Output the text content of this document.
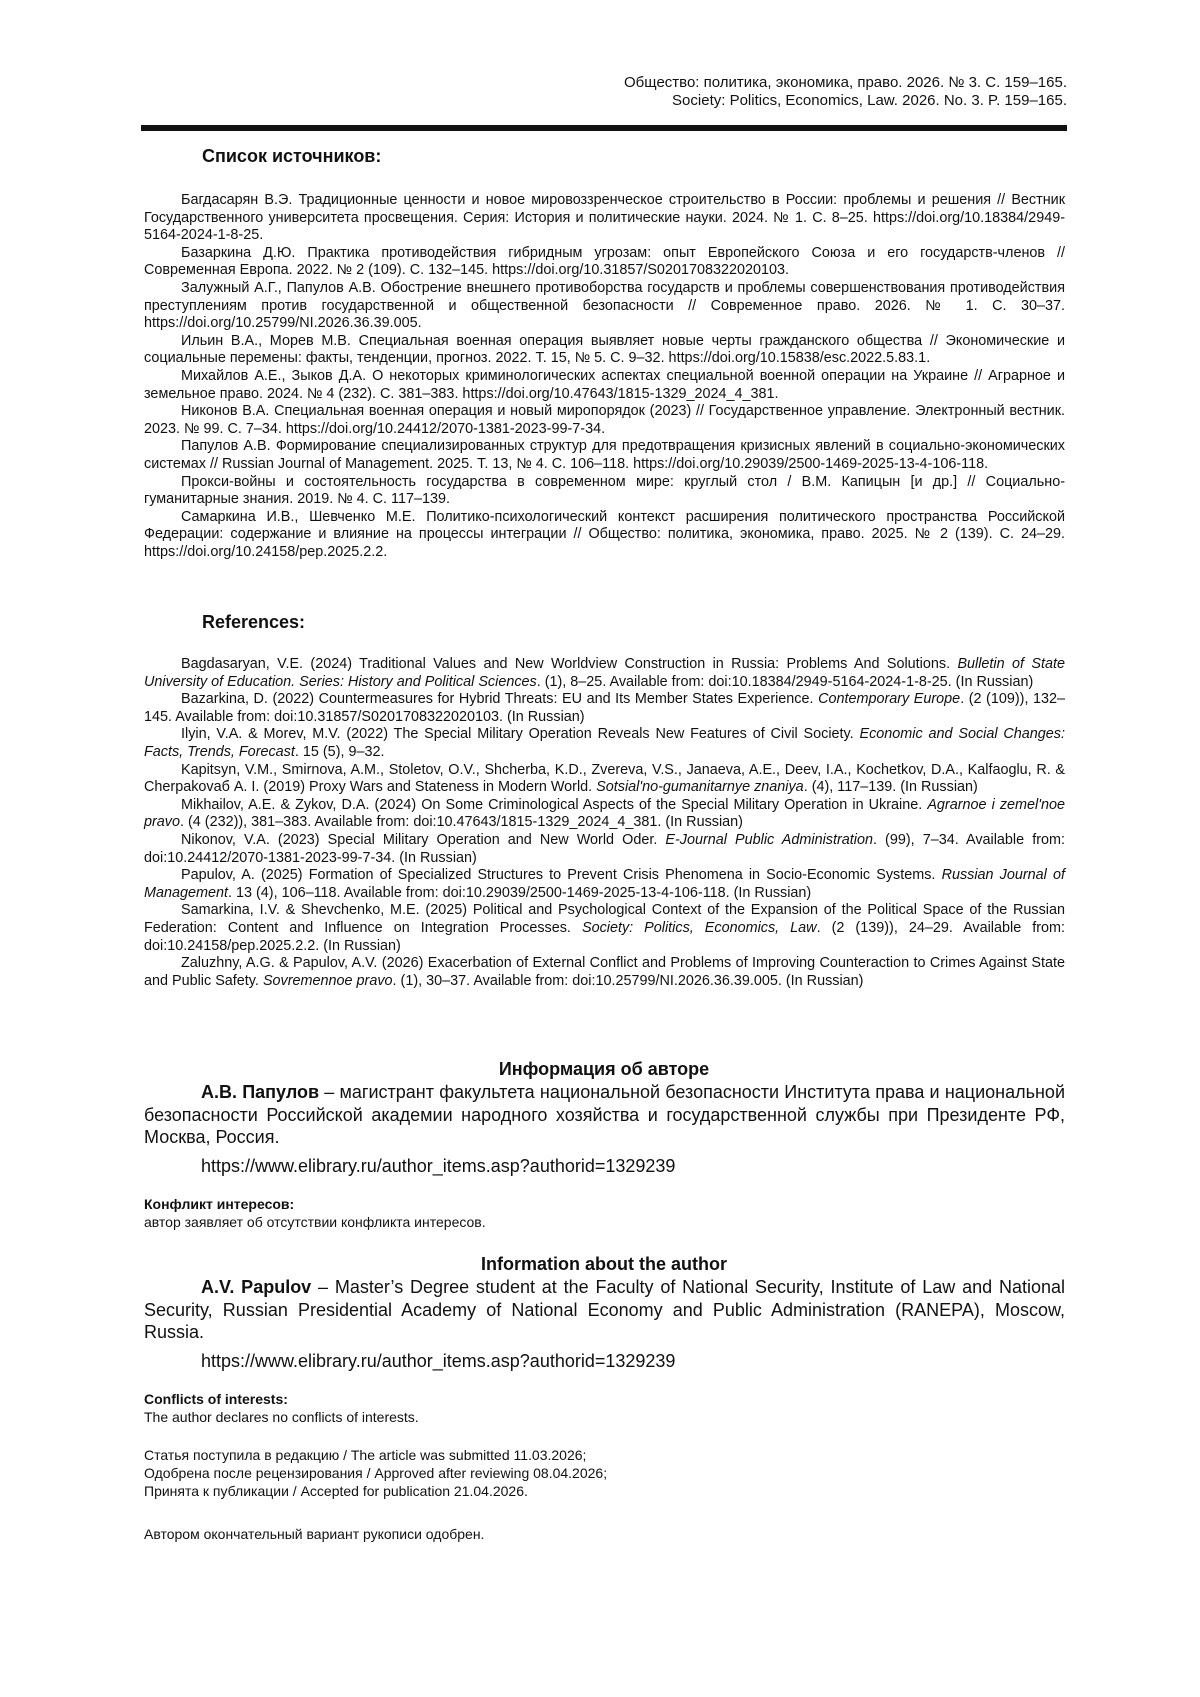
Общество: политика, экономика, право. 2026. № 3. С. 159–165.
Society: Politics, Economics, Law. 2026. No. 3. P. 159–165.
Список источников:

Багдасарян В.Э. Традиционные ценности и новое мировоззренческое строительство в России: проблемы и решения // Вестник Государственного университета просвещения. Серия: История и политические науки. 2024. № 1. С. 8–25. https://doi.org/10.18384/2949-5164-2024-1-8-25.

Базаркина Д.Ю. Практика противодействия гибридным угрозам: опыт Европейского Союза и его государств-членов // Современная Европа. 2022. № 2 (109). С. 132–145. https://doi.org/10.31857/S0201708322020103.

Залужный А.Г., Папулов А.В. Обострение внешнего противоборства государств и проблемы совершенствования противодействия преступлениям против государственной и общественной безопасности // Современное право. 2026. № 1. С. 30–37. https://doi.org/10.25799/NI.2026.36.39.005.

Ильин В.А., Морев М.В. Специальная военная операция выявляет новые черты гражданского общества // Экономические и социальные перемены: факты, тенденции, прогноз. 2022. Т. 15, № 5. С. 9–32. https://doi.org/10.15838/esc.2022.5.83.1.

Михайлов А.Е., Зыков Д.А. О некоторых криминологических аспектах специальной военной операции на Украине // Аграрное и земельное право. 2024. № 4 (232). С. 381–383. https://doi.org/10.47643/1815-1329_2024_4_381.

Никонов В.А. Специальная военная операция и новый миропорядок (2023) // Государственное управление. Электронный вестник. 2023. № 99. С. 7–34. https://doi.org/10.24412/2070-1381-2023-99-7-34.

Папулов А.В. Формирование специализированных структур для предотвращения кризисных явлений в социально-экономических системах // Russian Journal of Management. 2025. Т. 13, № 4. С. 106–118. https://doi.org/10.29039/2500-1469-2025-13-4-106-118.

Прокси-войны и состоятельность государства в современном мире: круглый стол / В.М. Капицын [и др.] // Социально-гуманитарные знания. 2019. № 4. С. 117–139.

Самаркина И.В., Шевченко М.Е. Политико-психологический контекст расширения политического пространства Российской Федерации: содержание и влияние на процессы интеграции // Общество: политика, экономика, право. 2025. № 2 (139). С. 24–29. https://doi.org/10.24158/pep.2025.2.2.

References:

Bagdasaryan, V.E. (2024) Traditional Values and New Worldview Construction in Russia: Problems And Solutions. Bulletin of State University of Education. Series: History and Political Sciences. (1), 8–25. Available from: doi:10.18384/2949-5164-2024-1-8-25. (In Russian)

Bazarkina, D. (2022) Countermeasures for Hybrid Threats: EU and Its Member States Experience. Contemporary Europe. (2 (109)), 132–145. Available from: doi:10.31857/S0201708322020103. (In Russian)

Ilyin, V.A. & Morev, M.V. (2022) The Special Military Operation Reveals New Features of Civil Society. Economic and Social Changes: Facts, Trends, Forecast. 15 (5), 9–32.

Kapitsyn, V.M., Smirnova, A.M., Stoletov, O.V., Shcherba, K.D., Zvereva, V.S., Janaeva, A.E., Deev, I.A., Kochetkov, D.A., Kalfaoglu, R. & Cherpakovаб A. I. (2019) Proxy Wars and Stateness in Modern World. Sotsial'no-gumanitarnye znaniya. (4), 117–139. (In Russian)

Mikhailov, A.E. & Zykov, D.A. (2024) On Some Criminological Aspects of the Special Military Operation in Ukraine. Agrarnoe i zemel'noe pravo. (4 (232)), 381–383. Available from: doi:10.47643/1815-1329_2024_4_381. (In Russian)

Nikonov, V.A. (2023) Special Military Operation and New World Oder. E-Journal Public Administration. (99), 7–34. Available from: doi:10.24412/2070-1381-2023-99-7-34. (In Russian)

Papulov, A. (2025) Formation of Specialized Structures to Prevent Crisis Phenomena in Socio-Economic Systems. Russian Journal of Management. 13 (4), 106–118. Available from: doi:10.29039/2500-1469-2025-13-4-106-118. (In Russian)

Samarkina, I.V. & Shevchenko, M.E. (2025) Political and Psychological Context of the Expansion of the Political Space of the Russian Federation: Content and Influence on Integration Processes. Society: Politics, Economics, Law. (2 (139)), 24–29. Available from: doi:10.24158/pep.2025.2.2. (In Russian)

Zaluzhny, A.G. & Papulov, A.V. (2026) Exacerbation of External Conflict and Problems of Improving Counteraction to Crimes Against State and Public Safety. Sovremennoe pravo. (1), 30–37. Available from: doi:10.25799/NI.2026.36.39.005. (In Russian)

Информация об авторе

А.В. Папулов – магистрант факультета национальной безопасности Института права и национальной безопасности Российской академии народного хозяйства и государственной службы при Президенте РФ, Москва, Россия.

https://www.elibrary.ru/author_items.asp?authorid=1329239

Конфликт интересов:
автор заявляет об отсутствии конфликта интересов.
Information about the author

A.V. Papulov – Master’s Degree student at the Faculty of National Security, Institute of Law and National Security, Russian Presidential Academy of National Economy and Public Administration (RANEPA), Moscow, Russia.

https://www.elibrary.ru/author_items.asp?authorid=1329239

Conflicts of interests:
The author declares no conflicts of interests.
Статья поступила в редакцию / The article was submitted 11.03.2026;
Одобрена после рецензирования / Approved after reviewing 08.04.2026;
Принята к публикации / Accepted for publication 21.04.2026.
Автором окончательный вариант рукописи одобрен.
